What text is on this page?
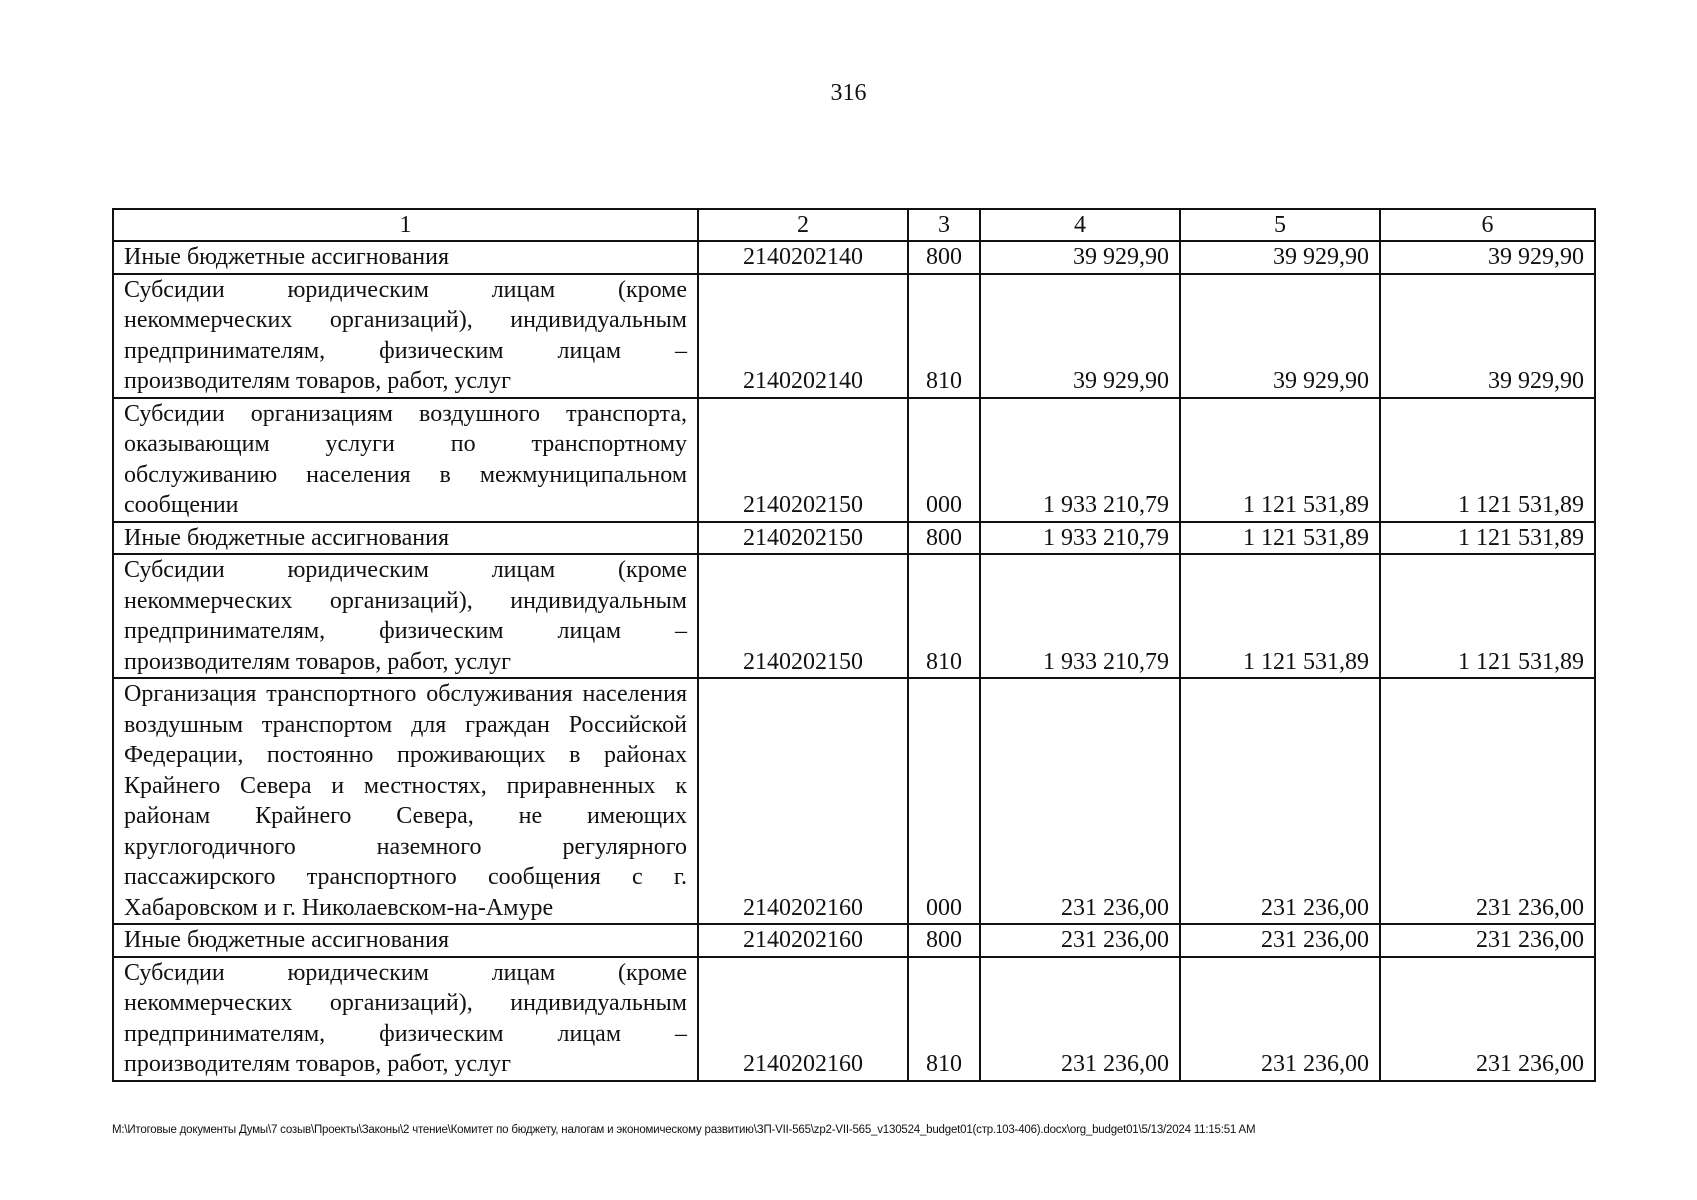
316
1	2	3	4	5	6
Иные бюджетные ассигнования	2140202140	800	39 929,90	39 929,90	39 929,90
Субсидии юридическим лицам (кроме некоммерческих организаций), индивидуальным предпринимателям, физическим лицам – производителям товаров, работ, услуг	2140202140	810	39 929,90	39 929,90	39 929,90
Субсидии организациям воздушного транспорта, оказывающим услуги по транспортному обслуживанию населения в межмуниципальном сообщении	2140202150	000	1 933 210,79	1 121 531,89	1 121 531,89
Иные бюджетные ассигнования	2140202150	800	1 933 210,79	1 121 531,89	1 121 531,89
Субсидии юридическим лицам (кроме некоммерческих организаций), индивидуальным предпринимателям, физическим лицам – производителям товаров, работ, услуг	2140202150	810	1 933 210,79	1 121 531,89	1 121 531,89
Организация транспортного обслуживания населения воздушным транспортом для граждан Российской Федерации, постоянно проживающих в районах Крайнего Севера и местностях, приравненных к районам Крайнего Севера, не имеющих круглогодичного наземного регулярного пассажирского транспортного сообщения с г. Хабаровском и г. Николаевском-на-Амуре	2140202160	000	231 236,00	231 236,00	231 236,00
Иные бюджетные ассигнования	2140202160	800	231 236,00	231 236,00	231 236,00
Субсидии юридическим лицам (кроме некоммерческих организаций), индивидуальным предпринимателям, физическим лицам – производителям товаров, работ, услуг	2140202160	810	231 236,00	231 236,00	231 236,00
M:\Итоговые документы Думы\7 созыв\Проекты\Законы\2 чтение\Комитет по бюджету, налогам и экономическому развитию\ЗП-VII-565\zp2-VII-565_v130524_budget01(стр.103-406).docx\org_budget01\5/13/2024 11:15:51 AM
